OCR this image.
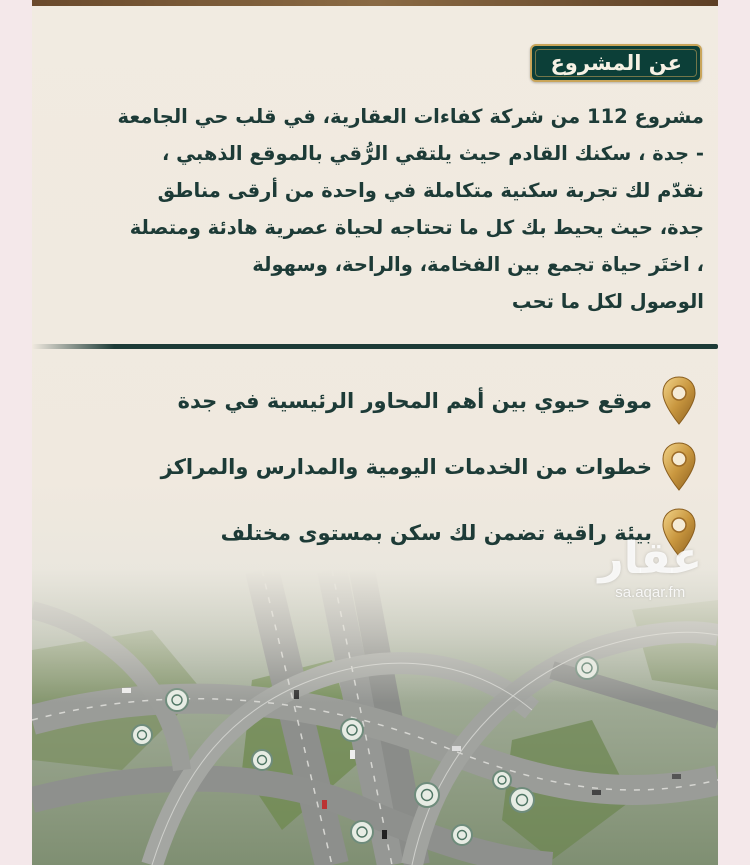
عن المشروع
مشروع 112 من شركة كفاءات العقارية، في قلب حي الجامعة
- جدة ، سكنك القادم حيث يلتقي الرُّقي بالموقع الذهبي ،
نقدّم لك تجربة سكنية متكاملة في واحدة من أرقى مناطق
جدة، حيث يحيط بك كل ما تحتاجه لحياة عصرية هادئة ومتصلة
، اختَر حياة تجمع بين الفخامة، والراحة، وسهولة
الوصول لكل ما تحب
موقع حيوي بين أهم المحاور الرئيسية في جدة
خطوات من الخدمات اليومية والمدارس والمراكز
بيئة راقية تضمن لك سكن بمستوى مختلف
عقار
sa.aqar.fm
